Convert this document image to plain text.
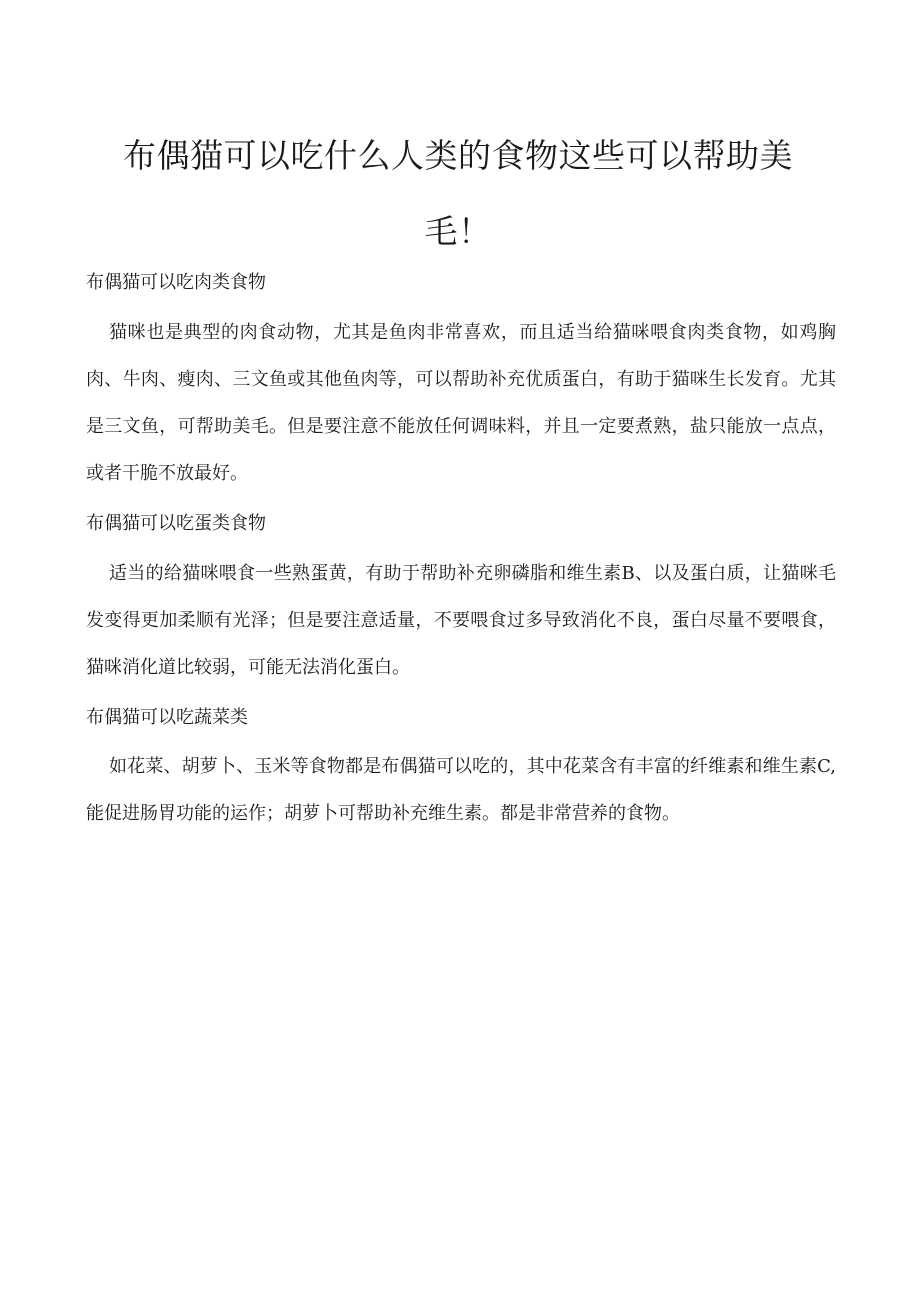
布偶猫可以吃什么人类的食物这些可以帮助美
毛！
布偶猫可以吃肉类食物

猫咪也是典型的肉食动物，尤其是鱼肉非常喜欢，而且适当给猫咪喂食肉类食物，如鸡胸肉、牛肉、瘦肉、三文鱼或其他鱼肉等，可以帮助补充优质蛋白，有助于猫咪生长发育。尤其是三文鱼，可帮助美毛。但是要注意不能放任何调味料，并且一定要煮熟，盐只能放一点点，或者干脆不放最好。

布偶猫可以吃蛋类食物

适当的给猫咪喂食一些熟蛋黄，有助于帮助补充卵磷脂和维生素B、以及蛋白质，让猫咪毛发变得更加柔顺有光泽；但是要注意适量，不要喂食过多导致消化不良，蛋白尽量不要喂食，猫咪消化道比较弱，可能无法消化蛋白。

布偶猫可以吃蔬菜类

如花菜、胡萝卜、玉米等食物都是布偶猫可以吃的，其中花菜含有丰富的纤维素和维生素C,能促进肠胃功能的运作；胡萝卜可帮助补充维生素。都是非常营养的食物。
